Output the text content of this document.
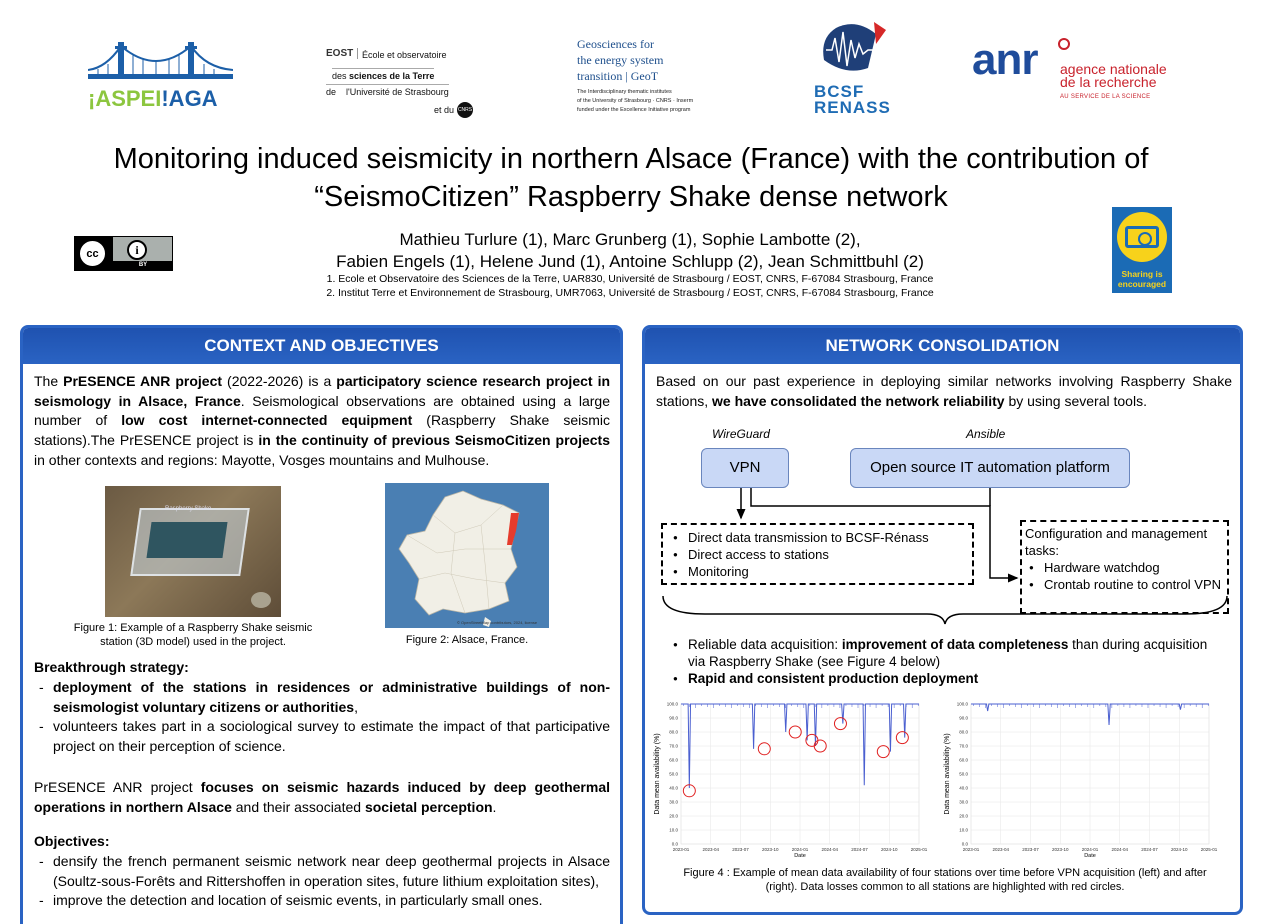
¡ASPEI!AGA
EOST École et observatoire
des sciences de la Terre
de l'Université de Strasbourg
et du CNRS
Geosciences for
the energy system
transition | GeoT
The Interdisciplinary thematic institutes
of the University of Strasbourg · CNRS · Inserm
funded under the Excellence Initiative program
BCSF
RENASS
anr agence nationale
de la recherche
AU SERVICE DE LA SCIENCE
Monitoring induced seismicity in northern Alsace (France) with the contribution of
“SeismoCitizen” Raspberry Shake dense network
cc	i
BY
Mathieu Turlure (1), Marc Grunberg (1), Sophie Lambotte (2),
Fabien Engels (1), Helene Jund (1), Antoine Schlupp (2), Jean Schmittbuhl (2)
1. Ecole et Observatoire des Sciences de la Terre, UAR830, Université de Strasbourg / EOST, CNRS, F-67084 Strasbourg, France
2. Institut Terre et Environnement de Strasbourg, UMR7063, Université de Strasbourg / EOST, CNRS, F-67084 Strasbourg, France
Sharing is encouraged
CONTEXT AND OBJECTIVES
The PrESENCE ANR project (2022-2026) is a participatory science research project in seismology in Alsace, France. Seismological observations are obtained using a large number of low cost internet-connected equipment (Raspberry Shake seismic stations).The PrESENCE project is in the continuity of previous SeismoCitizen projects in other contexts and regions: Mayotte, Vosges mountains and Mulhouse.
Raspberry Shake
Figure 1: Example of a Raspberry Shake seismic station (3D model) used in the project.
© OpenStreetMap contributors, 2024, license
Figure 2: Alsace, France.
Breakthrough strategy:
- deployment of the stations in residences or administrative buildings of non-seismologist voluntary citizens or authorities,
- volunteers takes part in a sociological survey to estimate the impact of that participative project on their perception of science.
PrESENCE ANR project focuses on seismic hazards induced by deep geothermal operations in northern Alsace and their associated societal perception.
Objectives:
- densify the french permanent seismic network near deep geothermal projects in Alsace (Soultz-sous-Forêts and Rittershoffen in operation sites, future lithium exploitation sites),
- improve the detection and location of seismic events, in particularly small ones.
NETWORK CONSOLIDATION
Based on our past experience in deploying similar networks involving Raspberry Shake stations, we have consolidated the network reliability by using several tools.
WireGuard	Ansible
VPN	Open source IT automation platform
● Direct data transmission to BCSF-Rénass
● Direct access to stations
● Monitoring
Configuration and management tasks:
● Hardware watchdog
● Crontab routine to control VPN
● Reliable data acquisition: improvement of data completeness than during acquisition via Raspberry Shake (see Figure 4 below)
● Rapid and consistent production deployment
0.0
10.0
20.0
30.0
40.0
50.0
60.0
70.0
80.0
90.0
100.0
2023-01	2023-04	2023-07	2023-10	2024-01	2024-04	2024-07	2024-10	2025-01
Date
Data mean availability (%)
0.0
10.0
20.0
30.0
40.0
50.0
60.0
70.0
80.0
90.0
100.0
2023-01	2023-04	2023-07	2023-10	2024-01	2024-04	2024-07	2024-10	2025-01
Date
Data mean availability (%)
Figure 4 : Example of mean data availability of four stations over time before VPN acquisition (left) and after (right). Data losses common to all stations are highlighted with red circles.
